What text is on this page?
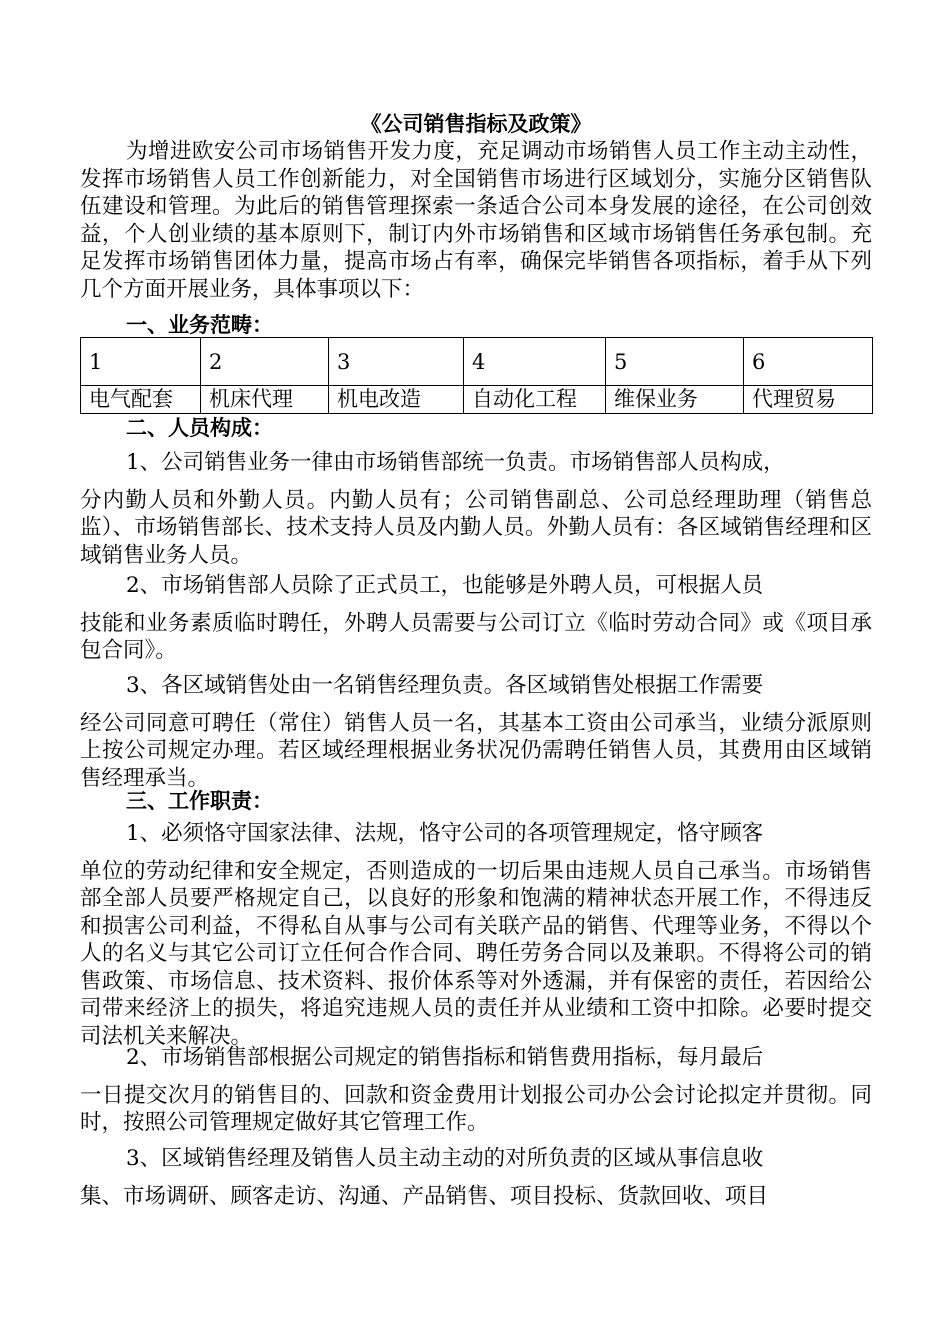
《公司销售指标及政策》
为增进欧安公司市场销售开发力度，充足调动市场销售人员工作主动主动性，发挥市场销售人员工作创新能力，对全国销售市场进行区域划分，实施分区销售队伍建设和管理。为此后的销售管理探索一条适合公司本身发展的途径，在公司创效益，个人创业绩的基本原则下，制订内外市场销售和区域市场销售任务承包制。充足发挥市场销售团体力量，提高市场占有率，确保完毕销售各项指标，着手从下列几个方面开展业务，具体事项以下：
一、业务范畴：
1	2	3	4	5	6
电气配套	机床代理	机电改造	自动化工程	维保业务	代理贸易
二、人员构成：
1、公司销售业务一律由市场销售部统一负责。市场销售部人员构成，
分内勤人员和外勤人员。内勤人员有；公司销售副总、公司总经理助理（销售总监）、市场销售部长、技术支持人员及内勤人员。外勤人员有：各区域销售经理和区域销售业务人员。
2、市场销售部人员除了正式员工，也能够是外聘人员，可根据人员
技能和业务素质临时聘任，外聘人员需要与公司订立《临时劳动合同》或《项目承包合同》。
3、各区域销售处由一名销售经理负责。各区域销售处根据工作需要
经公司同意可聘任（常住）销售人员一名，其基本工资由公司承当，业绩分派原则上按公司规定办理。若区域经理根据业务状况仍需聘任销售人员，其费用由区域销售经理承当。
三、工作职责：
1、必须恪守国家法律、法规，恪守公司的各项管理规定，恪守顾客
单位的劳动纪律和安全规定，否则造成的一切后果由违规人员自己承当。市场销售部全部人员要严格规定自己，以良好的形象和饱满的精神状态开展工作，不得违反和损害公司利益，不得私自从事与公司有关联产品的销售、代理等业务，不得以个人的名义与其它公司订立任何合作合同、聘任劳务合同以及兼职。不得将公司的销售政策、市场信息、技术资料、报价体系等对外透漏，并有保密的责任，若因给公司带来经济上的损失，将追究违规人员的责任并从业绩和工资中扣除。必要时提交司法机关来解决。
2、市场销售部根据公司规定的销售指标和销售费用指标，每月最后
一日提交次月的销售目的、回款和资金费用计划报公司办公会讨论拟定并贯彻。同时，按照公司管理规定做好其它管理工作。
3、区域销售经理及销售人员主动主动的对所负责的区域从事信息收
集、市场调研、顾客走访、沟通、产品销售、项目投标、货款回收、项目
